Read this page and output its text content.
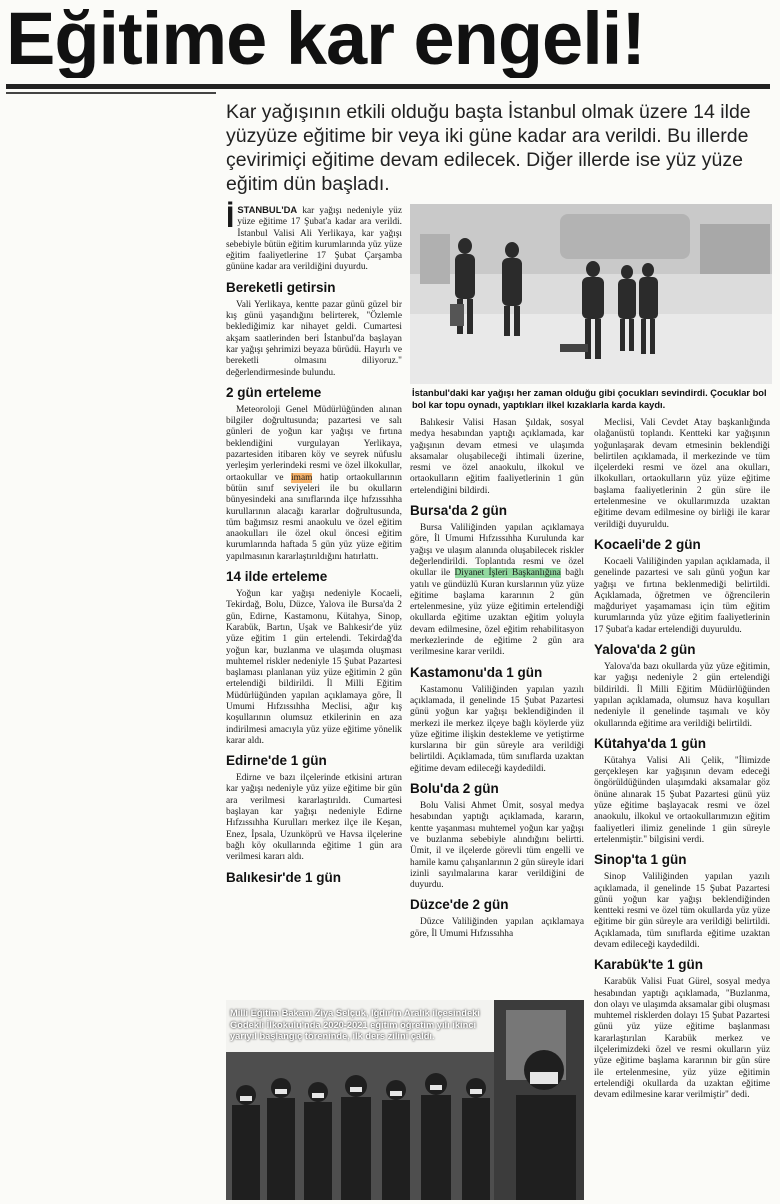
Eğitime kar engeli!
Kar yağışının etkili olduğu başta İstanbul olmak üzere 14 ilde yüzyüze eğitime bir veya iki güne kadar ara verildi. Bu illerde çevirimiçi eğitime devam edilecek. Diğer illerde ise yüz yüze eğitim dün başladı.

İSTANBUL'DA kar yağışı nedeniyle yüz yüze eğitime 17 Şubat'a kadar ara verildi. İstanbul Valisi Ali Yerlikaya, kar yağışı sebebiyle bütün eğitim kurumlarında yüz yüze eğitim faaliyetlerine 17 Şubat Çarşamba gününe kadar ara verildiğini duyurdu.

Bereketli getirsin

Vali Yerlikaya, kentte pazar günü güzel bir kış günü yaşandığını belirterek, "Özlemle beklediğimiz kar nihayet geldi. Cumartesi akşam saatlerinden beri İstanbul'da başlayan kar yağışı şehrimizi beyaza bürüdü. Hayırlı ve bereketli olmasını diliyoruz." değerlendirmesinde bulundu.

2 gün erteleme

Meteoroloji Genel Müdürlüğünden alınan bilgiler doğrultusunda; pazartesi ve salı günleri de yoğun kar yağışı ve fırtına beklendiğini vurgulayan Yerlikaya, pazartesiden itibaren köy ve seyrek nüfuslu yerleşim yerlerindeki resmi ve özel ilkokullar, ortaokullar ve imam hatip ortaokullarının bütün sınıf seviyeleri ile bu okulların bünyesindeki ana sınıflarında ilçe hıfzıssıhha kurullarının alacağı kararlar doğrultusunda, tüm bağımsız resmi anaokulu ve özel eğitim anaokulları ile özel okul öncesi eğitim kurumlarında haftada 5 gün yüz yüze eğitim yapılmasının kararlaştırıldığını hatırlattı.

14 ilde erteleme

Yoğun kar yağışı nedeniyle Kocaeli, Tekirdağ, Bolu, Düzce, Yalova ile Bursa'da 2 gün, Edirne, Kastamonu, Kütahya, Sinop, Karabük, Bartın, Uşak ve Balıkesir'de yüz yüze eğitim 1 gün ertelendi. Tekirdağ'da yoğun kar, buzlanma ve ulaşımda oluşması muhtemel riskler nedeniyle 15 Şubat Pazartesi başlaması planlanan yüz yüze eğitimin 2 gün ertelendiği bildirildi. İl Milli Eğitim Müdürlüğünden yapılan açıklamaya göre, İl Umumi Hıfzıssıhha Meclisi, ağır kış koşullarının olumsuz etkilerinin en aza indirilmesi amacıyla yüz yüze eğitime yönelik karar aldı.

Edirne'de 1 gün

Edirne ve bazı ilçelerinde etkisini artıran kar yağışı nedeniyle yüz yüze eğitime bir gün ara verilmesi kararlaştırıldı. Cumartesi başlayan kar yağışı nedeniyle Edirne Hıfzıssıhha Kurulları merkez ilçe ile Keşan, Enez, İpsala, Uzunköprü ve Havsa ilçelerine bağlı köy okullarında eğitime 1 gün ara verilmesi kararı aldı.

Balıkesir'de 1 gün
İstanbul'daki kar yağışı her zaman olduğu gibi çocukları sevindirdi. Çocuklar bol bol kar topu oynadı, yaptıkları ilkel kızaklarla karda kaydı.

Balıkesir Valisi Hasan Şıldak, sosyal medya hesabından yaptığı açıklamada, kar yağışının devam etmesi ve ulaşımda aksamalar oluşabileceği ihtimali üzerine, resmi ve özel anaokulu, ilkokul ve ortaokulların eğitim faaliyetlerinin 1 gün ertelendiğini bildirdi.

Bursa'da 2 gün

Bursa Valiliğinden yapılan açıklamaya göre, İl Umumi Hıfzıssıhha Kurulunda kar yağışı ve ulaşım alanında oluşabilecek riskler değerlendirildi. Toplantıda resmi ve özel okullar ile Diyanet İşleri Başkanlığına bağlı yatılı ve gündüzlü Kuran kurslarının yüz yüze eğitime başlama kararının 2 gün ertelenmesine, yüz yüze eğitimin ertelendiği okullarda eğitime uzaktan eğitim yoluyla devam edilmesine, özel eğitim rehabilitasyon merkezlerinde de eğitime 2 gün ara verilmesine karar verildi.

Kastamonu'da 1 gün

Kastamonu Valiliğinden yapılan yazılı açıklamada, il genelinde 15 Şubat Pazartesi günü yoğun kar yağışı beklendiğinden il merkezi ile merkez ilçeye bağlı köylerde yüz yüze eğitime ilişkin destekleme ve yetiştirme kurslarına bir gün süreyle ara verildiği belirtildi. Açıklamada, tüm sınıflarda uzaktan eğitime devam edileceği kaydedildi.

Bolu'da 2 gün

Bolu Valisi Ahmet Ümit, sosyal medya hesabından yaptığı açıklamada, kararın, kentte yaşanması muhtemel yoğun kar yağışı ve buzlanma sebebiyle alındığını belirtti. Ümit, il ve ilçelerde görevli tüm engelli ve hamile kamu çalışanlarının 2 gün süreyle idari izinli sayılmalarına karar verildiğini de duyurdu.

Düzce'de 2 gün

Düzce Valiliğinden yapılan açıklamaya göre, İl Umumi Hıfzıssıhha

Meclisi, Vali Cevdet Atay başkanlığında olağanüstü toplandı. Kentteki kar yağışının yoğunlaşarak devam etmesinin beklendiği belirtilen açıklamada, il merkezinde ve tüm ilçelerdeki resmi ve özel ana okulları, ilkokulları, ortaokulların yüz yüze eğitime başlama faaliyetlerinin 2 gün süre ile ertelenmesine ve okullarımızda uzaktan eğitime devam edilmesine oy birliği ile karar verildiği duyuruldu.

Kocaeli'de 2 gün

Kocaeli Valiliğinden yapılan açıklamada, il genelinde pazartesi ve salı günü yoğun kar yağışı ve fırtına beklenmediği belirtildi. Açıklamada, öğretmen ve öğrencilerin mağduriyet yaşamaması için tüm eğitim kurumlarında yüz yüze eğitim faaliyetlerinin 17 Şubat'a kadar ertelendiği duyuruldu.

Yalova'da 2 gün

Yalova'da bazı okullarda yüz yüze eğitimin, kar yağışı nedeniyle 2 gün ertelendiği bildirildi. İl Milli Eğitim Müdürlüğünden yapılan açıklamada, olumsuz hava koşulları nedeniyle il genelinde taşımalı ve köy okullarında eğitime ara verildiği belirtildi.

Kütahya'da 1 gün

Kütahya Valisi Ali Çelik, "İlimizde gerçekleşen kar yağışının devam edeceği öngörüldüğünden ulaşımdaki aksamalar göz önüne alınarak 15 Şubat Pazartesi günü yüz yüze eğitime başlayacak resmi ve özel anaokulu, ilkokul ve ortaokullarımızın eğitim faaliyetleri ilimiz genelinde 1 gün süreyle ertelenmiştir." bilgisini verdi.

Sinop'ta 1 gün

Sinop Valiliğinden yapılan yazılı açıklamada, il genelinde 15 Şubat Pazartesi günü yoğun kar yağışı beklendiğinden kentteki resmi ve özel tüm okullarda yüz yüze eğitime bir gün süreyle ara verildiği belirtildi. Açıklamada, tüm sınıflarda eğitime uzaktan devam edileceği kaydedildi.

Karabük'te 1 gün

Karabük Valisi Fuat Gürel, sosyal medya hesabından yaptığı açıklamada, "Buzlanma, don olayı ve ulaşımda aksamalar gibi oluşması muhtemel risklerden dolayı 15 Şubat Pazartesi günü yüz yüze eğitime başlanması kararlaştırılan Karabük merkez ve ilçelerimizdeki özel ve resmi okulların yüz yüze eğitime başlama kararının bir gün süre ile ertelenmesine, yüz yüze eğitimin ertelendiği okullarda da uzaktan eğitime devam edilmesine karar verilmiştir" dedi.

Milli Eğitim Bakanı Ziya Selçuk, Iğdır'ın Aralık ilçesindeki Gödekli İlkokulu'nda 2020-2021 eğitim öğretim yılı ikinci yarıyıl başlangıç töreninde, ilk ders zilini çaldı.
